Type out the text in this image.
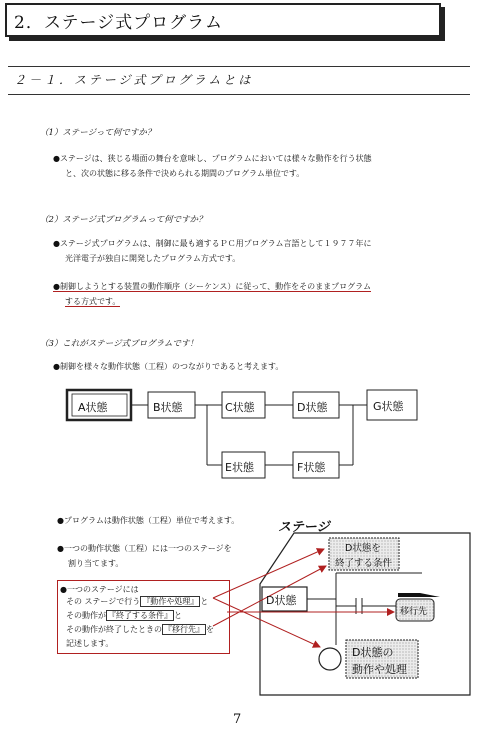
2．ステージ式プログラム
２－１．ステージ式プログラムとは
（1）ステージって何ですか？
●ステージは、狭じる場面の舞台を意味し、プログラムにおいては様々な動作を行う状態
と、次の状態に移る条件で決められる期間のプログラム単位です。
（2）ステージ式プログラムって何ですか？
●ステージ式プログラムは、制御に最も適するＰＣ用プログラム言語として１９７７年に
光洋電子が独自に開発したプログラム方式です。
●制御しようとする装置の動作順序（シーケンス）に従って、動作をそのままプログラム
する方式です。
（3）これがステージ式プログラムです！
●制御を様々な動作状態（工程）のつながりであると考えます。
A状態	B状態	C状態	D状態	G状態
E状態	F状態
●プログラムは動作状態（工程）単位で考えます。
●一つの動作状態（工程）には一つのステージを
割り当てます。
●一つのステージには
その ステージで行う 『動作や処理』 と
その動作が 『終了する条件』 と
その動作が終了したときの 『移行先』 を
記述します。
ステージ
D状態
D状態を
終了する条件
移行先
D状態の
動作や処理
7
